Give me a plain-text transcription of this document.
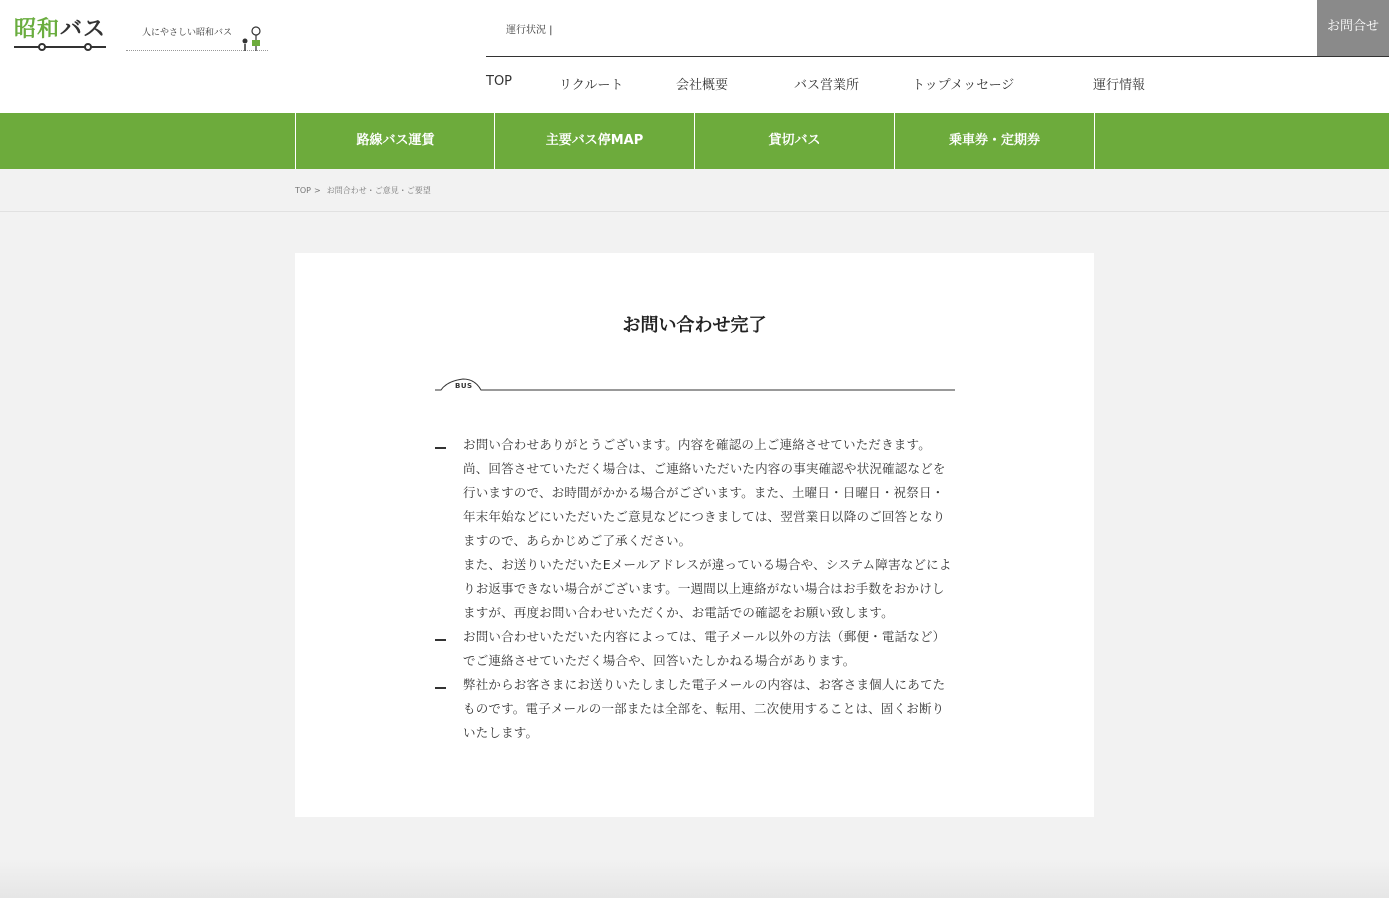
昭和バス	人にやさしい昭和バス	運行状況 |	お問合せ
TOP	リクルート	会社概要	バス営業所	トップメッセージ	運行情報
路線バス運賃	主要バス停MAP	貸切バス	乗車券・定期券
TOP > お問合わせ・ご意見・ご要望
お問い合わせ完了
BUS

お問い合わせありがとうございます。内容を確認の上ご連絡させていただきます。

尚、回答させていただく場合は、ご連絡いただいた内容の事実確認や状況確認などを

行いますので、お時間がかかる場合がございます。また、土曜日・日曜日・祝祭日・

年末年始などにいただいたご意見などにつきましては、翌営業日以降のご回答となり

ますので、あらかじめご了承ください。

また、お送りいただいたEメールアドレスが違っている場合や、システム障害などによ

りお返事できない場合がございます。一週間以上連絡がない場合はお手数をおかけし

ますが、再度お問い合わせいただくか、お電話での確認をお願い致します。

お問い合わせいただいた内容によっては、電子メール以外の方法（郵便・電話など）

でご連絡させていただく場合や、回答いたしかねる場合があります。

弊社からお客さまにお送りいたしました電子メールの内容は、お客さま個人にあてた

ものです。電子メールの一部または全部を、転用、二次使用することは、固くお断り

いたします。
